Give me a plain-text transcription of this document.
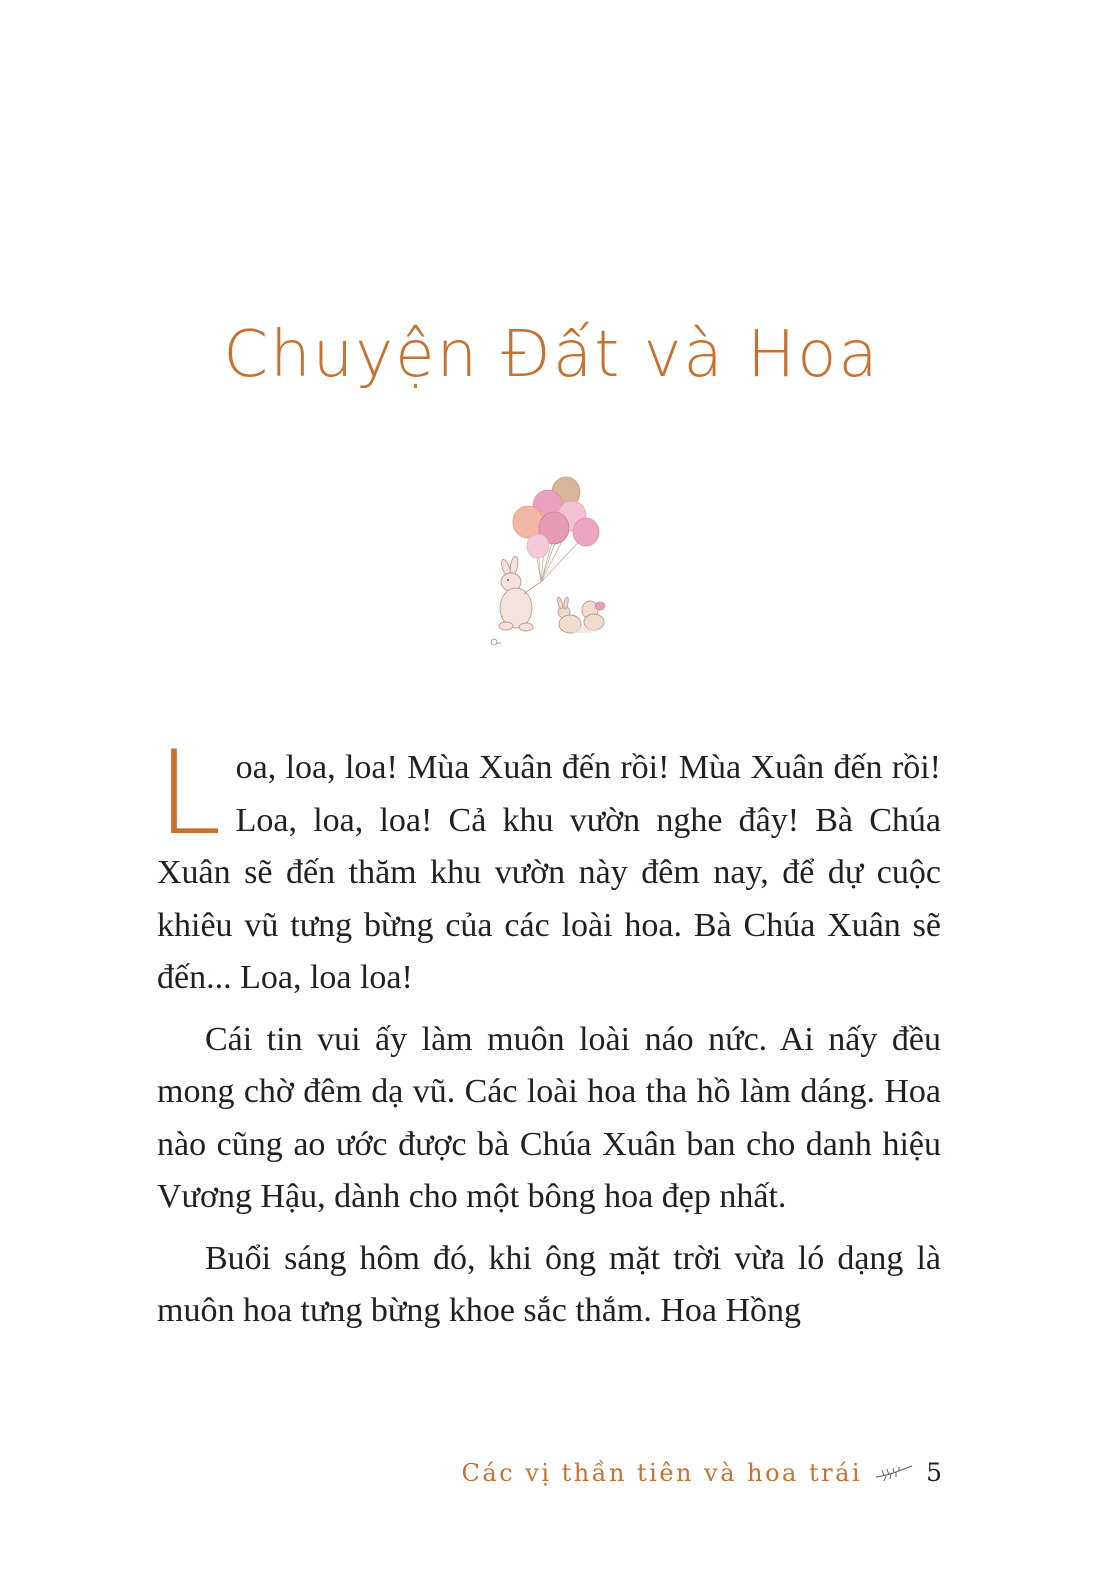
Chuyện Đất và Hoa

Loa, loa, loa! Mùa Xuân đến rồi! Mùa Xuân đến rồi! Loa, loa, loa! Cả khu vườn nghe đây! Bà Chúa Xuân sẽ đến thăm khu vườn này đêm nay, để dự cuộc khiêu vũ tưng bừng của các loài hoa. Bà Chúa Xuân sẽ đến... Loa, loa loa!

Cái tin vui ấy làm muôn loài náo nức. Ai nấy đều mong chờ đêm dạ vũ. Các loài hoa tha hồ làm dáng. Hoa nào cũng ao ước được bà Chúa Xuân ban cho danh hiệu Vương Hậu, dành cho một bông hoa đẹp nhất.

Buổi sáng hôm đó, khi ông mặt trời vừa ló dạng là muôn hoa tưng bừng khoe sắc thắm. Hoa Hồng

Các vị thần tiên và hoa trái	5
